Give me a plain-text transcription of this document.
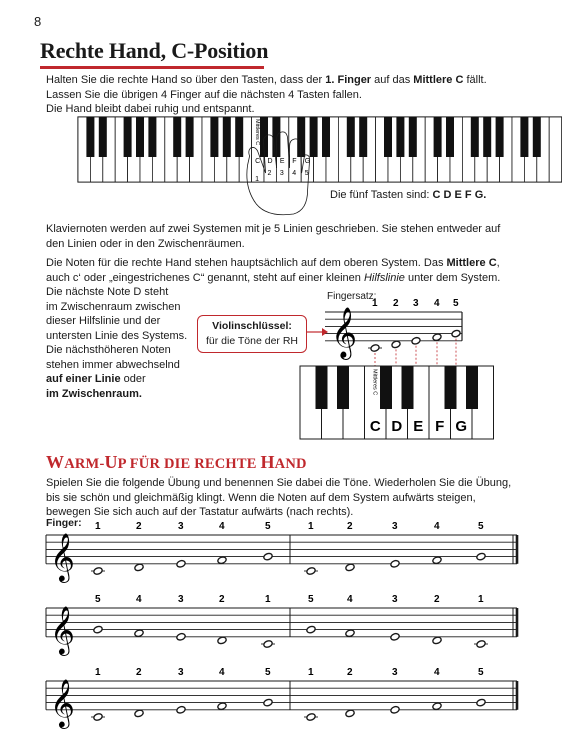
8
Rechte Hand, C-Position
Halten Sie die rechte Hand so über den Tasten, dass der 1. Finger auf das Mittlere C fällt.
Lassen Sie die übrigen 4 Finger auf die nächsten 4 Tasten fallen.
Die Hand bleibt dabei ruhig und entspannt.
Mittleres C
C
1
D
2
E
3
F
4
G
5
𝄞
1 2 3 4 5
Mittleres C
C D E F G
𝄞
1	2	3	4	5	1	2	3	4	5
𝄞
5	4	3	2	1	5	4	3	2	1
𝄞
1	2	3	4	5	1	2	3	4	5
Die fünf Tasten sind: C D E F G.
Klaviernoten werden auf zwei Systemen mit je 5 Linien geschrieben. Sie stehen entweder auf den Linien oder in den Zwischenräumen.
Die Noten für die rechte Hand stehen hauptsächlich auf dem oberen System. Das Mittlere C, auch c‘ oder „eingestrichenes C“ genannt, steht auf einer kleinen Hilfslinie unter dem System.
Die nächste Note D steht
im Zwischenraum zwischen
dieser Hilfslinie und der
untersten Linie des Systems.
Die nächsthöheren Noten
stehen immer abwechselnd
auf einer Linie oder
im Zwischenraum.
Fingersatz:
Violinschlüssel:
für die Töne der RH
WARM-UP FÜR DIE RECHTE HAND
Spielen Sie die folgende Übung und benennen Sie dabei die Töne. Wiederholen Sie die Übung, bis sie schön und gleichmäßig klingt. Wenn die Noten auf dem System aufwärts steigen, bewegen Sie sich auch auf der Tastatur aufwärts (nach rechts).
Finger:
